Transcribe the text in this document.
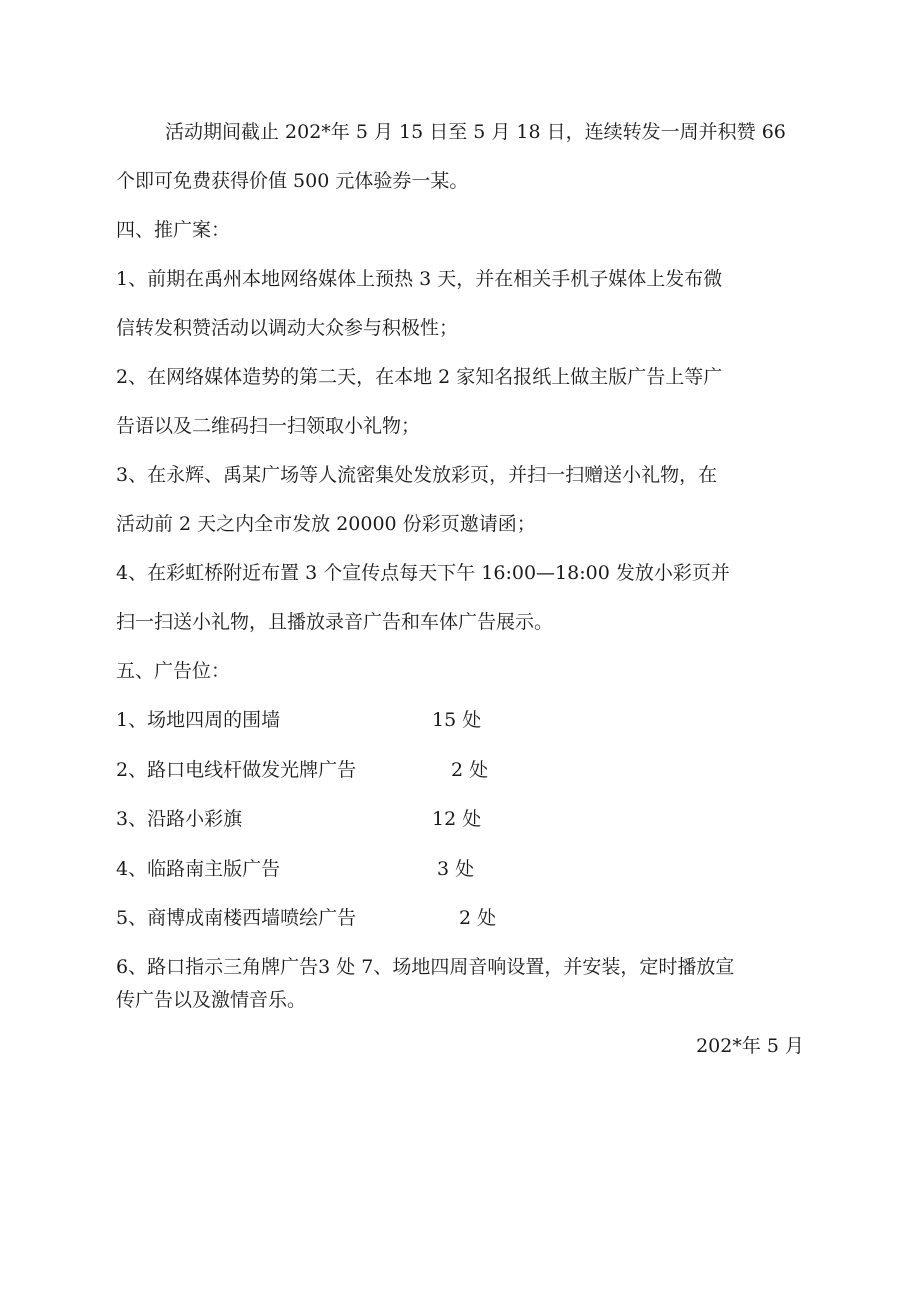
活动期间截止 202*年 5 月 15 日至 5 月 18 日，连续转发一周并积赞 66
个即可免费获得价值 500 元体验券一某。
四、推广案：
1、前期在禹州本地网络媒体上预热 3 天，并在相关手机子媒体上发布微
信转发积赞活动以调动大众参与积极性；
2、在网络媒体造势的第二天，在本地 2 家知名报纸上做主版广告上等广
告语以及二维码扫一扫领取小礼物；
3、在永辉、禹某广场等人流密集处发放彩页，并扫一扫赠送小礼物，在
活动前 2 天之内全市发放 20000 份彩页邀请函；
4、在彩虹桥附近布置 3 个宣传点每天下午 16:00—18:00 发放小彩页并
扫一扫送小礼物，且播放录音广告和车体广告展示。
五、广告位：
1、场地四周的围墙	15 处
2、路口电线杆做发光牌广告	2 处
3、沿路小彩旗	12 处
4、临路南主版广告	3 处
5、商博成南楼西墙喷绘广告	2 处
6、路口指示三角牌广告3 处 7、场地四周音响设置，并安装，定时播放宣
传广告以及激情音乐。
202*年 5 月
